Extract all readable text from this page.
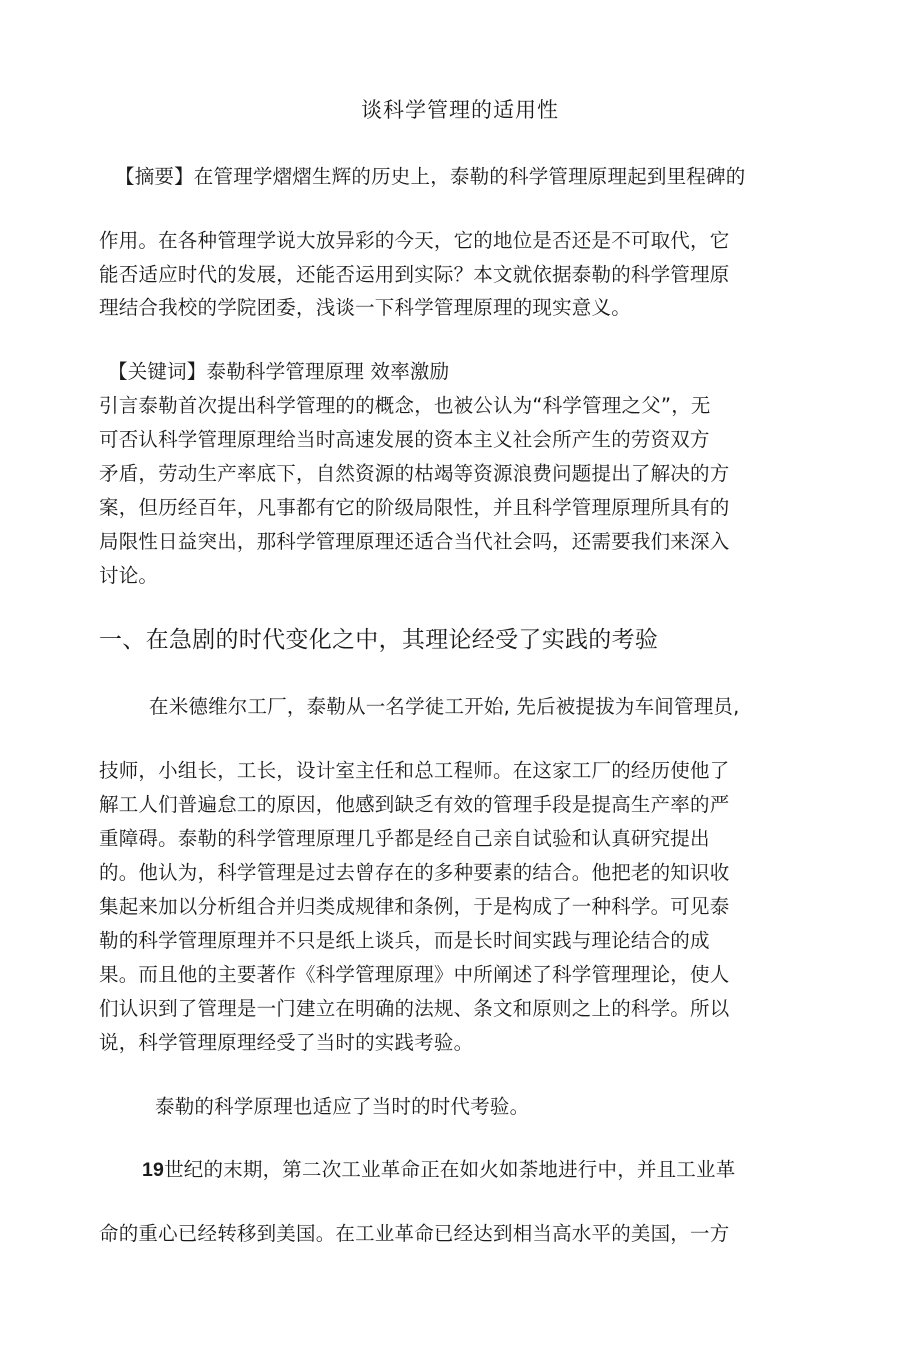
谈科学管理的适用性
【摘要】在管理学熠熠生辉的历史上，泰勒的科学管理原理起到里程碑的
作用。在各种管理学说大放异彩的今天，它的地位是否还是不可取代，它
能否适应时代的发展，还能否运用到实际？本文就依据泰勒的科学管理原
理结合我校的学院团委，浅谈一下科学管理原理的现实意义。
【关键词】泰勒科学管理原理 效率激励
引言泰勒首次提出科学管理的的概念，也被公认为“科学管理之父”，无
可否认科学管理原理给当时高速发展的资本主义社会所产生的劳资双方
矛盾，劳动生产率底下，自然资源的枯竭等资源浪费问题提出了解决的方
案，但历经百年，凡事都有它的阶级局限性，并且科学管理原理所具有的
局限性日益突出，那科学管理原理还适合当代社会吗，还需要我们来深入
讨论。
一、在急剧的时代变化之中，其理论经受了实践的考验
在米德维尔工厂，泰勒从一名学徒工开始, 先后被提拔为车间管理员,
技师，小组长，工长，设计室主任和总工程师。在这家工厂的经历使他了
解工人们普遍怠工的原因，他感到缺乏有效的管理手段是提高生产率的严
重障碍。泰勒的科学管理原理几乎都是经自己亲自试验和认真研究提出
的。他认为，科学管理是过去曾存在的多种要素的结合。他把老的知识收
集起来加以分析组合并归类成规律和条例，于是构成了一种科学。可见泰
勒的科学管理原理并不只是纸上谈兵，而是长时间实践与理论结合的成
果。而且他的主要著作《科学管理原理》中所阐述了科学管理理论，使人
们认识到了管理是一门建立在明确的法规、条文和原则之上的科学。所以
说，科学管理原理经受了当时的实践考验。
泰勒的科学原理也适应了当时的时代考验。
19世纪的末期，第二次工业革命正在如火如荼地进行中，并且工业革
命的重心已经转移到美国。在工业革命已经达到相当高水平的美国，一方
